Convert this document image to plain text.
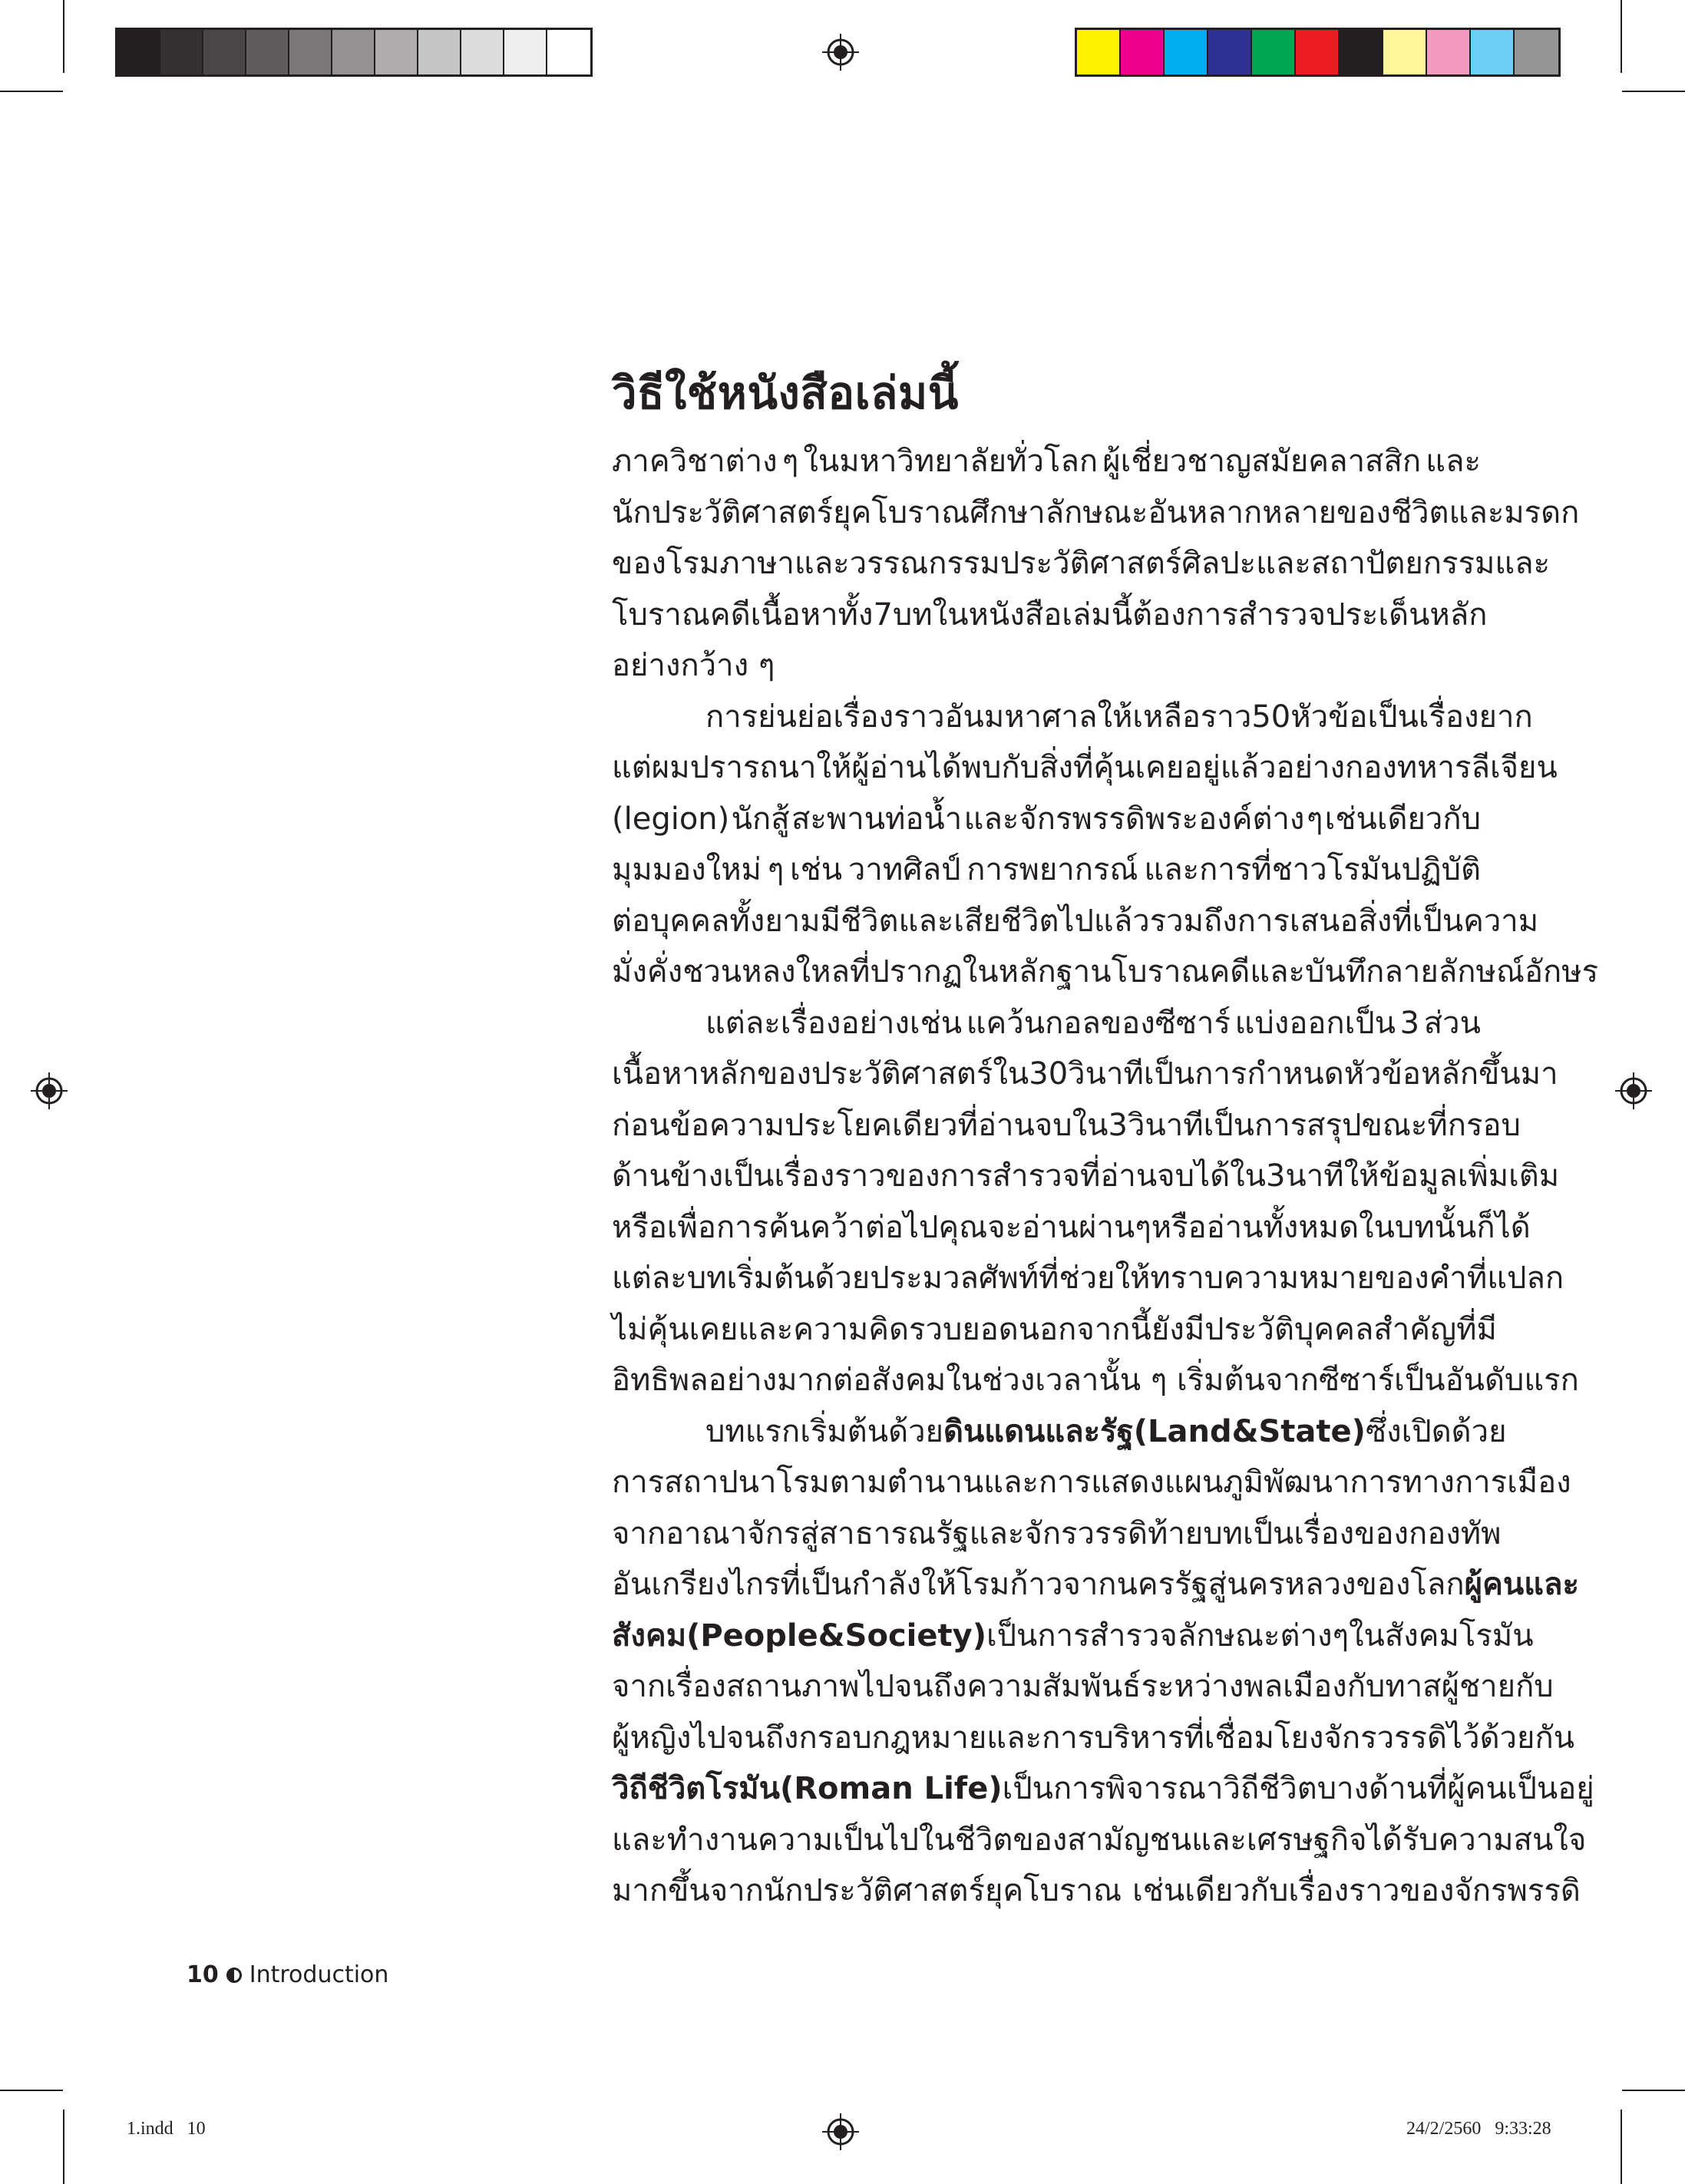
วิธีใช้หนังสือเล่มนี้
ภาควิชาต่าง ๆ ในมหาวิทยาลัยทั่วโลก ผู้เชี่ยวชาญสมัยคลาสสิก และ
นักประวัติศาสตร์ยุคโบราณศึกษาลักษณะอันหลากหลายของชีวิตและมรดก
ของโรม ภาษาและวรรณกรรม ประวัติศาสตร์ ศิลปะและสถาปัตยกรรม และ
โบราณคดี เนื้อหาทั้ง 7 บท ในหนังสือเล่มนี้ต้องการสำรวจประเด็นหลัก
อย่างกว้าง ๆ
การย่นย่อเรื่องราวอันมหาศาลให้เหลือราว 50 หัวข้อ เป็นเรื่องยาก
แต่ผมปรารถนาให้ผู้อ่านได้พบกับสิ่งที่คุ้นเคยอยู่แล้ว อย่างกองทหารลีเจียน
(legion) นักสู้ สะพานท่อน้ำ และจักรพรรดิพระองค์ต่าง ๆ เช่นเดียวกับ
มุมมองใหม่ ๆ เช่น วาทศิลป์ การพยากรณ์ และการที่ชาวโรมันปฏิบัติ
ต่อบุคคลทั้งยามมีชีวิตและเสียชีวิตไปแล้ว รวมถึงการเสนอสิ่งที่เป็นความ
มั่งคั่งชวนหลงใหลที่ปรากฏในหลักฐานโบราณคดีและบันทึกลายลักษณ์อักษร
แต่ละเรื่องอย่างเช่น แคว้นกอลของซีซาร์ แบ่งออกเป็น 3 ส่วน
เนื้อหาหลักของประวัติศาสตร์ใน 30 วินาที เป็นการกำหนดหัวข้อหลักขึ้นมา
ก่อน ข้อความประโยคเดียวที่อ่านจบใน 3 วินาทีเป็นการสรุป ขณะที่กรอบ
ด้านข้างเป็นเรื่องราวของการสำรวจที่อ่านจบได้ใน 3 นาที ให้ข้อมูลเพิ่มเติม
หรือเพื่อการค้นคว้าต่อไป คุณจะอ่านผ่าน ๆ หรืออ่านทั้งหมดในบทนั้นก็ได้
แต่ละบทเริ่มต้นด้วยประมวลศัพท์ที่ช่วยให้ทราบความหมายของคำที่แปลก
ไม่คุ้นเคยและความคิดรวบยอด นอกจากนี้ยังมีประวัติบุคคลสำคัญที่มี
อิทธิพลอย่างมากต่อสังคมในช่วงเวลานั้น ๆ เริ่มต้นจากซีซาร์เป็นอันดับแรก
บทแรกเริ่มต้นด้วย ดินแดนและรัฐ (Land & State) ซึ่งเปิดด้วย
การสถาปนาโรมตามตำนาน และการแสดงแผนภูมิพัฒนาการทางการเมือง
จากอาณาจักรสู่สาธารณรัฐและจักรวรรดิ ท้ายบทเป็นเรื่องของกองทัพ
อันเกรียงไกรที่เป็นกำลังให้โรมก้าวจากนครรัฐสู่นครหลวงของโลก ผู้คนและ
สังคม (People & Society) เป็นการสำรวจลักษณะต่าง ๆ ในสังคมโรมัน
จากเรื่องสถานภาพไปจนถึงความสัมพันธ์ระหว่างพลเมืองกับทาส ผู้ชายกับ
ผู้หญิง ไปจนถึงกรอบกฎหมายและการบริหารที่เชื่อมโยงจักรวรรดิไว้ด้วยกัน
วิถีชีวิตโรมัน (Roman Life) เป็นการพิจารณาวิถีชีวิตบางด้านที่ผู้คนเป็นอยู่
และทำงาน ความเป็นไปในชีวิตของสามัญชนและเศรษฐกิจได้รับความสนใจ
มากขึ้นจากนักประวัติศาสตร์ยุคโบราณ เช่นเดียวกับเรื่องราวของจักรพรรดิ
10 Introduction
1.indd   10	24/2/2560   9:33:28
